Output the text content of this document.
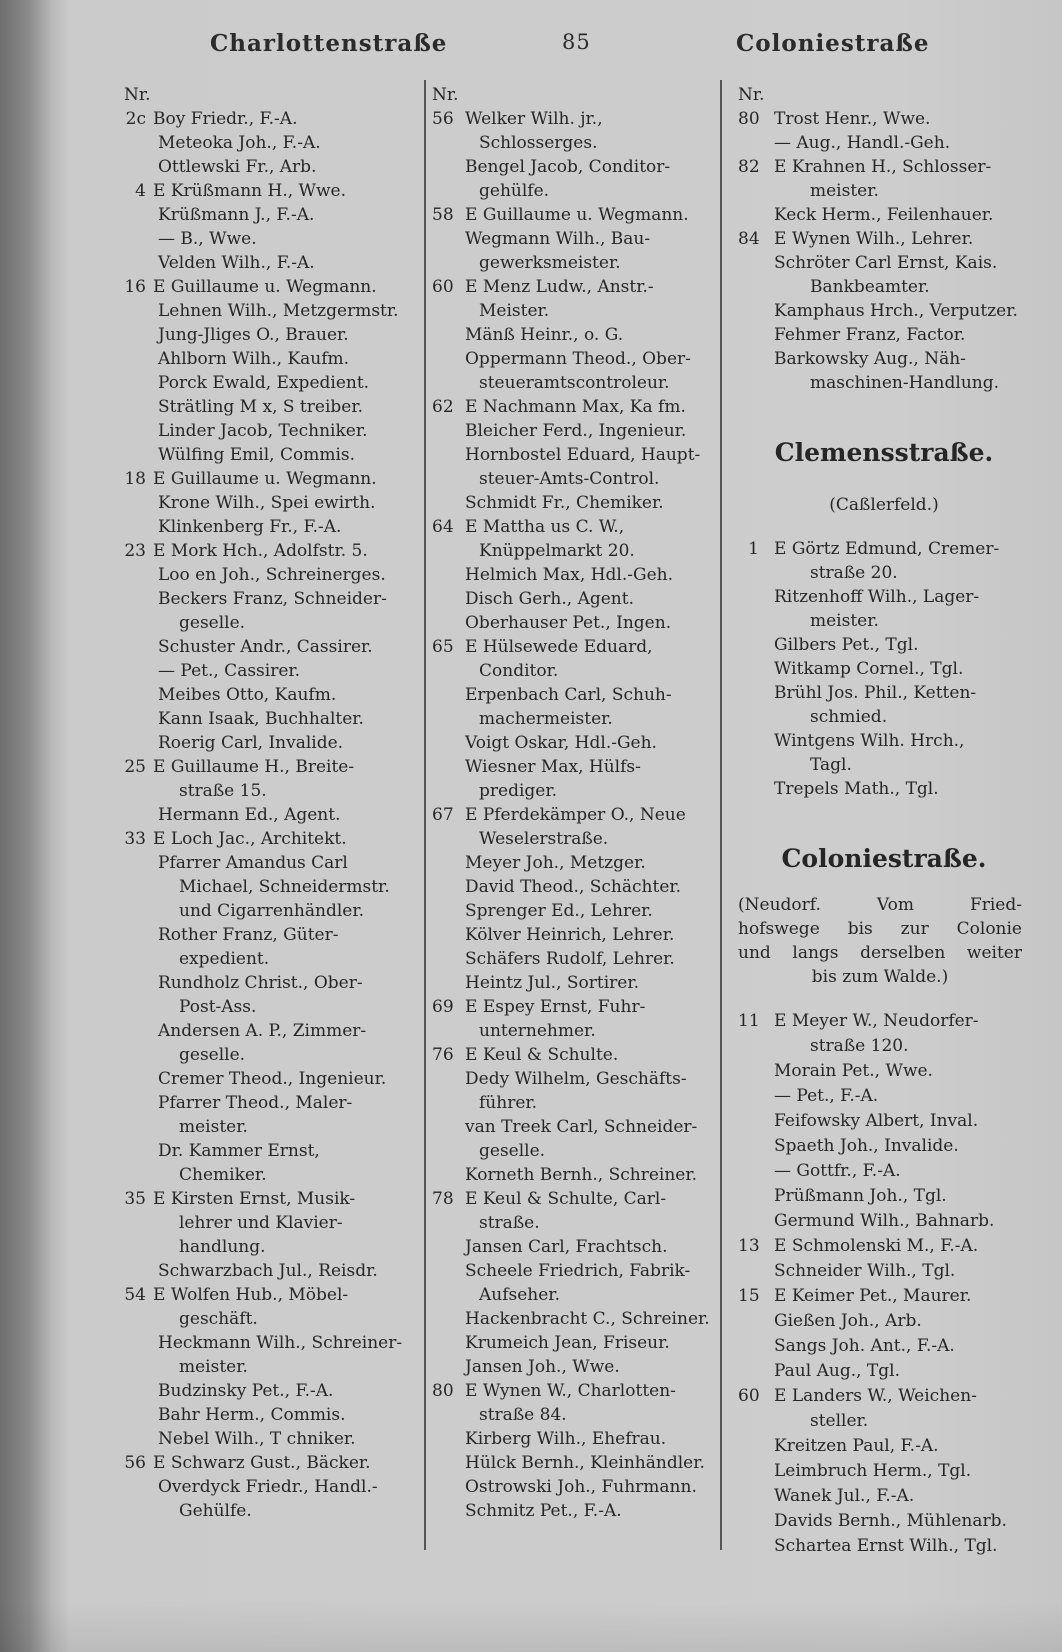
Charlottenstraße	85	Coloniestraße
Nr.
2c Boy Friedr., F.-A.
Meteoka Joh., F.-A.
Ottlewski Fr., Arb.
4 E Krüßmann H., Wwe.
Krüßmann J., F.-A.
— B., Wwe.
Velden Wilh., F.-A.
16 E Guillaume u. Wegmann.
Lehnen Wilh., Metzgermstr.
Jung-Jliges O., Brauer.
Ahlborn Wilh., Kaufm.
Porck Ewald, Expedient.
Strätling M x, S treiber.
Linder Jacob, Techniker.
Wülfing Emil, Commis.
18 E Guillaume u. Wegmann.
Krone Wilh., Spei ewirth.
Klinkenberg Fr., F.-A.
23 E Mork Hch., Adolfstr. 5.
Loo en Joh., Schreinerges.
Beckers Franz, Schneider-
geselle.
Schuster Andr., Cassirer.
— Pet., Cassirer.
Meibes Otto, Kaufm.
Kann Isaak, Buchhalter.
Roerig Carl, Invalide.
25 E Guillaume H., Breite-
straße 15.
Hermann Ed., Agent.
33 E Loch Jac., Architekt.
Pfarrer Amandus Carl
Michael, Schneidermstr.
und Cigarrenhändler.
Rother Franz, Güter-
expedient.
Rundholz Christ., Ober-
Post-Ass.
Andersen A. P., Zimmer-
geselle.
Cremer Theod., Ingenieur.
Pfarrer Theod., Maler-
meister.
Dr. Kammer Ernst,
Chemiker.
35 E Kirsten Ernst, Musik-
lehrer und Klavier-
handlung.
Schwarzbach Jul., Reisdr.
54 E Wolfen Hub., Möbel-
geschäft.
Heckmann Wilh., Schreiner-
meister.
Budzinsky Pet., F.-A.
Bahr Herm., Commis.
Nebel Wilh., T chniker.
56 E Schwarz Gust., Bäcker.
Overdyck Friedr., Handl.-
Gehülfe.
Nr.
56 Welker Wilh. jr.,
Schlosserges.
Bengel Jacob, Conditor-
gehülfe.
58 E Guillaume u. Wegmann.
Wegmann Wilh., Bau-
gewerksmeister.
60 E Menz Ludw., Anstr.-
Meister.
Mänß Heinr., o. G.
Oppermann Theod., Ober-
steueramtscontroleur.
62 E Nachmann Max, Ka fm.
Bleicher Ferd., Ingenieur.
Hornbostel Eduard, Haupt-
steuer-Amts-Control.
Schmidt Fr., Chemiker.
64 E Mattha us C. W.,
Knüppelmarkt 20.
Helmich Max, Hdl.-Geh.
Disch Gerh., Agent.
Oberhauser Pet., Ingen.
65 E Hülsewede Eduard,
Conditor.
Erpenbach Carl, Schuh-
machermeister.
Voigt Oskar, Hdl.-Geh.
Wiesner Max, Hülfs-
prediger.
67 E Pferdekämper O., Neue
Weselerstraße.
Meyer Joh., Metzger.
David Theod., Schächter.
Sprenger Ed., Lehrer.
Kölver Heinrich, Lehrer.
Schäfers Rudolf, Lehrer.
Heintz Jul., Sortirer.
69 E Espey Ernst, Fuhr-
unternehmer.
76 E Keul & Schulte.
Dedy Wilhelm, Geschäfts-
führer.
van Treek Carl, Schneider-
geselle.
Korneth Bernh., Schreiner.
78 E Keul & Schulte, Carl-
straße.
Jansen Carl, Frachtsch.
Scheele Friedrich, Fabrik-
Aufseher.
Hackenbracht C., Schreiner.
Krumeich Jean, Friseur.
Jansen Joh., Wwe.
80 E Wynen W., Charlotten-
straße 84.
Kirberg Wilh., Ehefrau.
Hülck Bernh., Kleinhändler.
Ostrowski Joh., Fuhrmann.
Schmitz Pet., F.-A.
Nr.
80 Trost Henr., Wwe.
— Aug., Handl.-Geh.
82 E Krahnen H., Schlosser-
meister.
Keck Herm., Feilenhauer.
84 E Wynen Wilh., Lehrer.
Schröter Carl Ernst, Kais.
Bankbeamter.
Kamphaus Hrch., Verputzer.
Fehmer Franz, Factor.
Barkowsky Aug., Näh-
maschinen-Handlung.
Clemensstraße.
(Caßlerfeld.)
1 E Görtz Edmund, Cremer-
straße 20.
Ritzenhoff Wilh., Lager-
meister.
Gilbers Pet., Tgl.
Witkamp Cornel., Tgl.
Brühl Jos. Phil., Ketten-
schmied.
Wintgens Wilh. Hrch.,
Tagl.
Trepels Math., Tgl.
Coloniestraße.
(Neudorf. Vom Fried-
hofswege bis zur Colonie
und langs derselben weiter
bis zum Walde.)
11 E Meyer W., Neudorfer-
straße 120.
Morain Pet., Wwe.
— Pet., F.-A.
Feifowsky Albert, Inval.
Spaeth Joh., Invalide.
— Gottfr., F.-A.
Prüßmann Joh., Tgl.
Germund Wilh., Bahnarb.
13 E Schmolenski M., F.-A.
Schneider Wilh., Tgl.
15 E Keimer Pet., Maurer.
Gießen Joh., Arb.
Sangs Joh. Ant., F.-A.
Paul Aug., Tgl.
60 E Landers W., Weichen-
steller.
Kreitzen Paul, F.-A.
Leimbruch Herm., Tgl.
Wanek Jul., F.-A.
Davids Bernh., Mühlenarb.
Schartea Ernst Wilh., Tgl.
